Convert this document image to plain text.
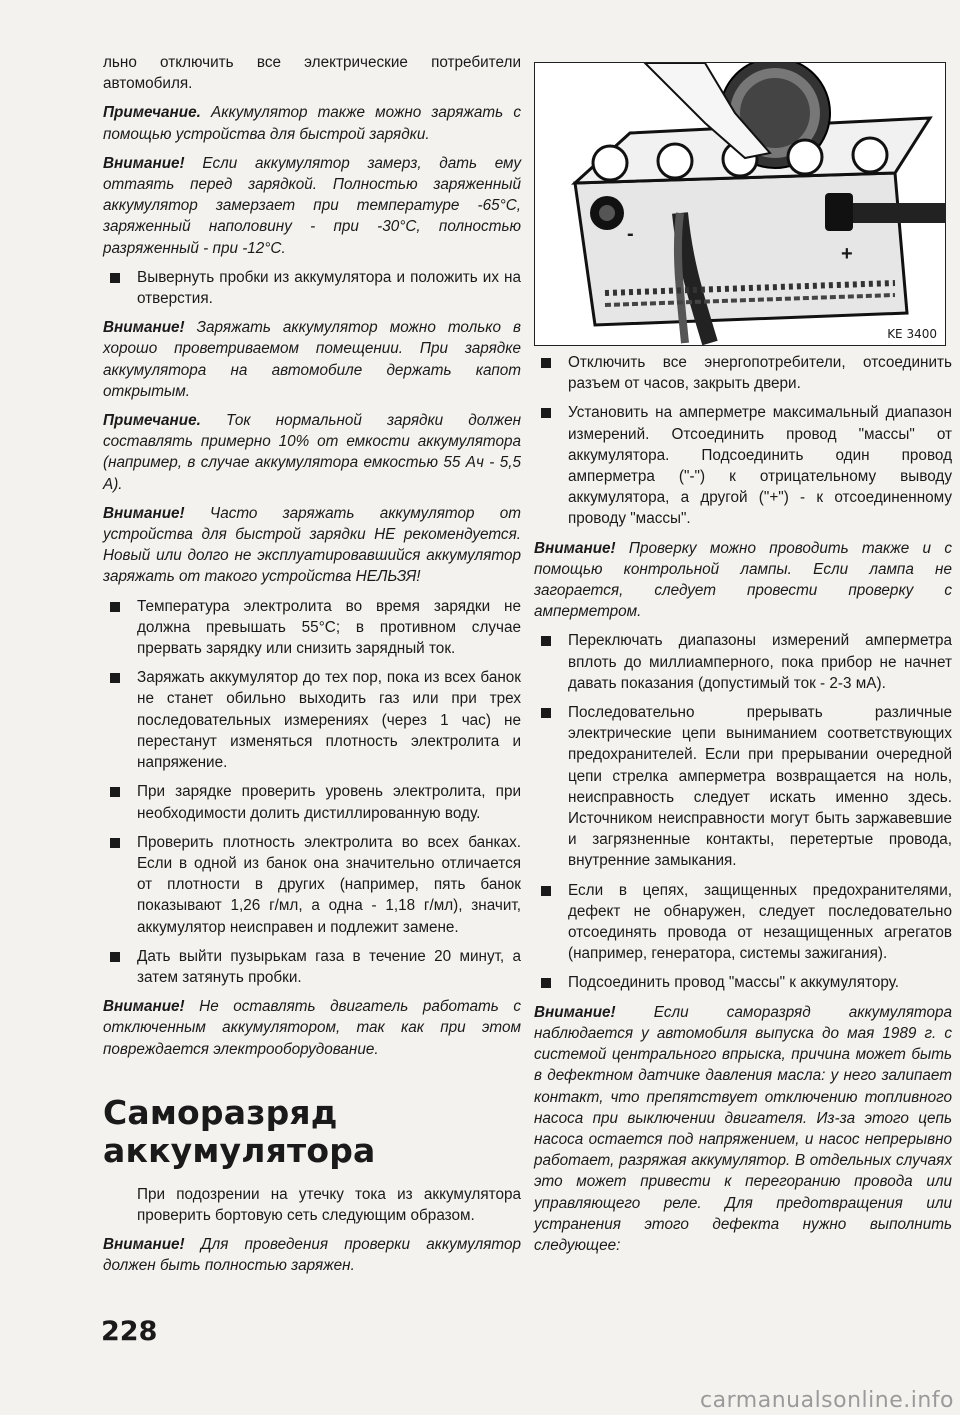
льно отключить все электрические потребители автомобиля.

Примечание. Аккумулятор также можно заряжать с помощью устройства для быстрой зарядки.

Внимание! Если аккумулятор замерз, дать ему оттаять перед зарядкой. Полностью заряженный аккумулятор замерзает при температуре -65°C, заряженный наполовину - при -30°C, полностью разряженный - при -12°C.

Вывернуть пробки из аккумулятора и положить их на отверстия.

Внимание! Заряжать аккумулятор можно только в хорошо проветриваемом помещении. При зарядке аккумулятора на автомобиле держать капот открытым.

Примечание. Ток нормальной зарядки должен составлять примерно 10% от емкости аккумулятора (например, в случае аккумулятора емкостью 55 Ач - 5,5 А).

Внимание! Часто заряжать аккумулятор от устройства для быстрой зарядки НЕ рекомендуется. Новый или долго не эксплуатировавшийся аккумулятор заряжать от такого устройства НЕЛЬЗЯ!

Температура электролита во время зарядки не должна превышать 55°C; в противном случае прервать зарядку или снизить зарядный ток.
Заряжать аккумулятор до тех пор, пока из всех банок не станет обильно выходить газ или при трех последовательных измерениях (через 1 час) не перестанут изменяться плотность электролита и напряжение.
При зарядке проверить уровень электролита, при необходимости долить дистиллированную воду.
Проверить плотность электролита во всех банках. Если в одной из банок она значительно отличается от плотности в других (например, пять банок показывают 1,26 г/мл, а одна - 1,18 г/мл), значит, аккумулятор неисправен и подлежит замене.
Дать выйти пузырькам газа в течение 20 минут, а затем затянуть пробки.

Внимание! Не оставлять двигатель работать с отключенным аккумулятором, так как при этом повреждается электрооборудование.

Саморазряд аккумулятора

При подозрении на утечку тока из аккумулятора проверить бортовую сеть следующим образом.

Внимание! Для проведения проверки аккумулятор должен быть полностью заряжен.

-
+
KE 3400
Отключить все энергопотребители, отсоединить разъем от часов, закрыть двери.
Установить на амперметре максимальный диапазон измерений. Отсоединить провод "массы" от аккумулятора. Подсоединить один провод амперметра ("-") к отрицательному выводу аккумулятора, а другой ("+") - к отсоединенному проводу "массы".

Внимание! Проверку можно проводить также и с помощью контрольной лампы. Если лампа не загорается, следует провести проверку с амперметром.

Переключать диапазоны измерений амперметра вплоть до миллиамперного, пока прибор не начнет давать показания (допустимый ток - 2-3 мА).
Последовательно прерывать различные электрические цепи выниманием соответствующих предохранителей. Если при прерывании очередной цепи стрелка амперметра возвращается на ноль, неисправность следует искать именно здесь. Источником неисправности могут быть заржавевшие и загрязненные контакты, перетертые провода, внутренние замыкания.
Если в цепях, защищенных предохранителями, дефект не обнаружен, следует последовательно отсоединять провода от незащищенных агрегатов (например, генератора, системы зажигания).
Подсоединить провод "массы" к аккумулятору.

Внимание! Если саморазряд аккумулятора наблюдается у автомобиля выпуска до мая 1989 г. с системой центрального впрыска, причина может быть в дефектном датчике давления масла: у него залипает контакт, что препятствует отключению топливного насоса при выключении двигателя. Из-за этого цепь насоса остается под напряжением, и насос непрерывно работает, разряжая аккумулятор. В отдельных случаях это может привести к перегоранию провода или управляющего реле. Для предотвращения или устранения этого дефекта нужно выполнить следующее:

228
carmanualsonline.info
